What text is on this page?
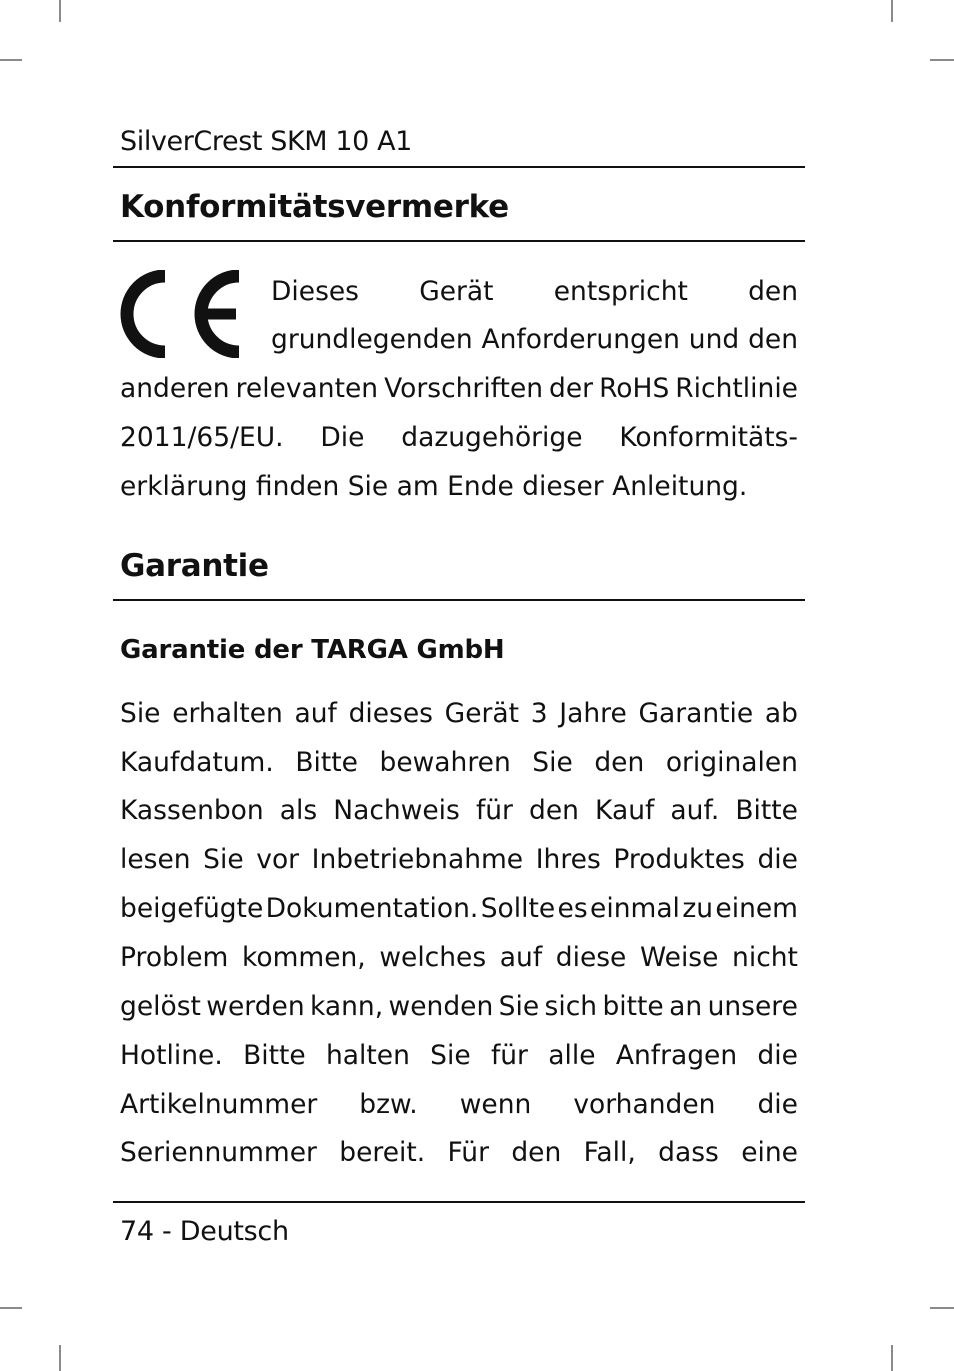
SilverCrest SKM 10 A1
Konformitätsvermerke
Dieses Gerät entspricht den
grundlegenden Anforderungen und den
anderen relevanten Vorschriften der RoHS Richtlinie
2011/65/EU. Die dazugehörige Konformitäts-
erklärung finden Sie am Ende dieser Anleitung.
Garantie
Garantie der TARGA GmbH
Sie erhalten auf dieses Gerät 3 Jahre Garantie ab
Kaufdatum. Bitte bewahren Sie den originalen
Kassenbon als Nachweis für den Kauf auf. Bitte
lesen Sie vor Inbetriebnahme Ihres Produktes die
beigefügte Dokumentation. Sollte es einmal zu einem
Problem kommen, welches auf diese Weise nicht
gelöst werden kann, wenden Sie sich bitte an unsere
Hotline. Bitte halten Sie für alle Anfragen die
Artikelnummer bzw. wenn vorhanden die
Seriennummer bereit. Für den Fall, dass eine
74 - Deutsch
